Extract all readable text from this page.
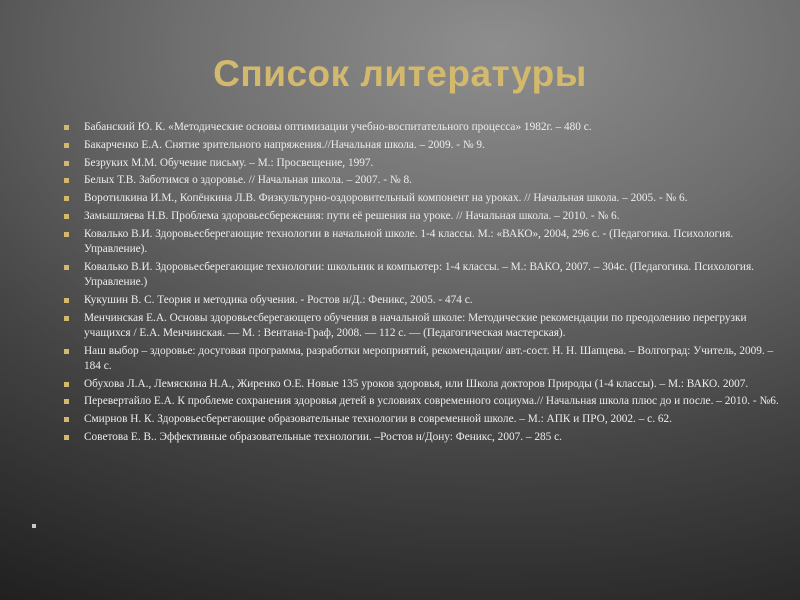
Список литературы
Бабанский Ю. К. «Методические основы оптимизации учебно-воспитательного процесса» 1982г. – 480 с.
Бакарченко Е.А. Снятие зрительного напряжения.//Начальная школа. – 2009. - № 9.
Безруких М.М. Обучение письму. – М.: Просвещение, 1997.
Белых Т.В. Заботимся о здоровье. // Начальная школа. – 2007. - № 8.
Воротилкина И.М., Копёнкина Л.В. Физкультурно-оздоровительный компонент на уроках. // Начальная школа. – 2005. - № 6.
Замышляева Н.В. Проблема здоровьесбережения: пути её решения на уроке. // Начальная школа. – 2010. - № 6.
Ковалько В.И. Здоровьесберегающие технологии в начальной школе. 1-4 классы. М.: «ВАКО», 2004, 296 с. - (Педагогика. Психология. Управление).
Ковалько В.И. Здоровьесберегающие технологии: школьник и компьютер: 1-4 классы. – М.: ВАКО, 2007. – 304с. (Педагогика. Психология. Управление.)
Кукушин В. С. Теория и методика обучения. - Ростов н/Д.: Феникс, 2005. - 474 с.
Менчинская Е.А. Основы здоровьесберегающего обучения в начальной школе: Методические рекомендации по преодолению перегрузки учащихся / Е.А. Менчинская. — М. : Вентана-Граф, 2008. — 112 с. — (Педагогическая мастерская).
Наш выбор – здоровье: досуговая программа, разработки мероприятий, рекомендации/ авт.-сост. Н. Н. Шапцева. – Волгоград: Учитель, 2009. – 184 с.
Обухова Л.А., Лемяскина Н.А., Жиренко О.Е. Новые 135 уроков здоровья, или Школа докторов Природы (1-4 классы). – М.: ВАКО. 2007.
Перевертайло Е.А. К проблеме сохранения здоровья детей в условиях современного социума.// Начальная школа плюс до и после. – 2010. - №6.
Смирнов Н. К. Здоровьесберегающие образовательные технологии в современной школе. – М.: АПК и ПРО, 2002. – с. 62.
Советова Е. В.. Эффективные образовательные технологии. –Ростов н/Дону: Феникс, 2007. – 285 с.
